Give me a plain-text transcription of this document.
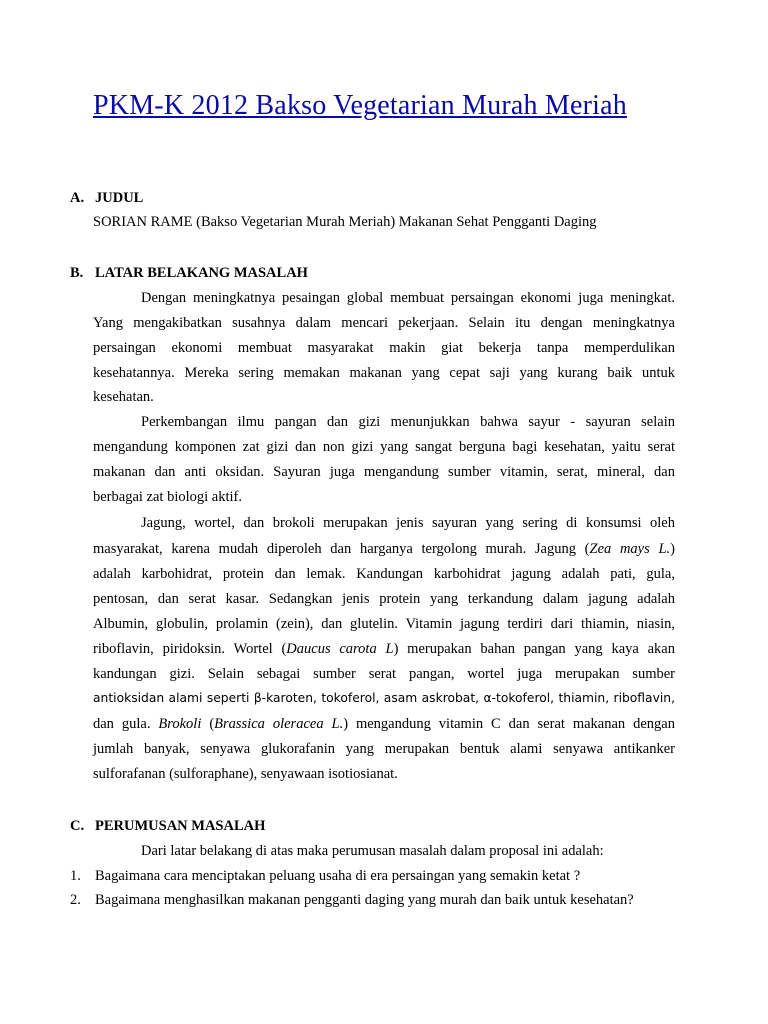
PKM-K 2012 Bakso Vegetarian Murah Meriah
A. JUDUL
SORIAN RAME (Bakso Vegetarian Murah Meriah) Makanan Sehat Pengganti Daging
B. LATAR BELAKANG MASALAH
Dengan meningkatnya pesaingan global membuat persaingan ekonomi juga meningkat.
Yang mengakibatkan susahnya dalam mencari pekerjaan. Selain itu dengan meningkatnya
persaingan ekonomi membuat masyarakat makin giat bekerja tanpa memperdulikan
kesehatannya. Mereka sering memakan makanan yang cepat saji yang kurang baik untuk
kesehatan.
Perkembangan ilmu pangan dan gizi menunjukkan bahwa sayur - sayuran selain
mengandung komponen zat gizi dan non gizi yang sangat berguna bagi kesehatan, yaitu serat
makanan dan anti oksidan. Sayuran juga mengandung sumber vitamin, serat, mineral, dan
berbagai zat biologi aktif.
Jagung, wortel, dan brokoli merupakan jenis sayuran yang sering di konsumsi oleh
masyarakat, karena mudah diperoleh dan harganya tergolong murah. Jagung (Zea mays L.)
adalah karbohidrat, protein dan lemak. Kandungan karbohidrat jagung adalah pati, gula,
pentosan, dan serat kasar. Sedangkan jenis protein yang terkandung dalam jagung adalah
Albumin, globulin, prolamin (zein), dan glutelin. Vitamin jagung terdiri dari thiamin, niasin,
riboflavin, piridoksin. Wortel (Daucus carota L) merupakan bahan pangan yang kaya akan
kandungan gizi. Selain sebagai sumber serat pangan, wortel juga merupakan sumber
antioksidan alami seperti β-karoten, tokoferol, asam askrobat, α-tokoferol, thiamin, riboflavin,
dan gula. Brokoli (Brassica oleracea L.) mengandung vitamin C dan serat makanan dengan
jumlah banyak, senyawa glukorafanin yang merupakan bentuk alami senyawa antikanker
sulforafanan (sulforaphane), senyawaan isotiosianat.
C. PERUMUSAN MASALAH
Dari latar belakang di atas maka perumusan masalah dalam proposal ini adalah:
1. Bagaimana cara menciptakan peluang usaha di era persaingan yang semakin ketat ?
2. Bagaimana menghasilkan makanan pengganti daging yang murah dan baik untuk kesehatan?
